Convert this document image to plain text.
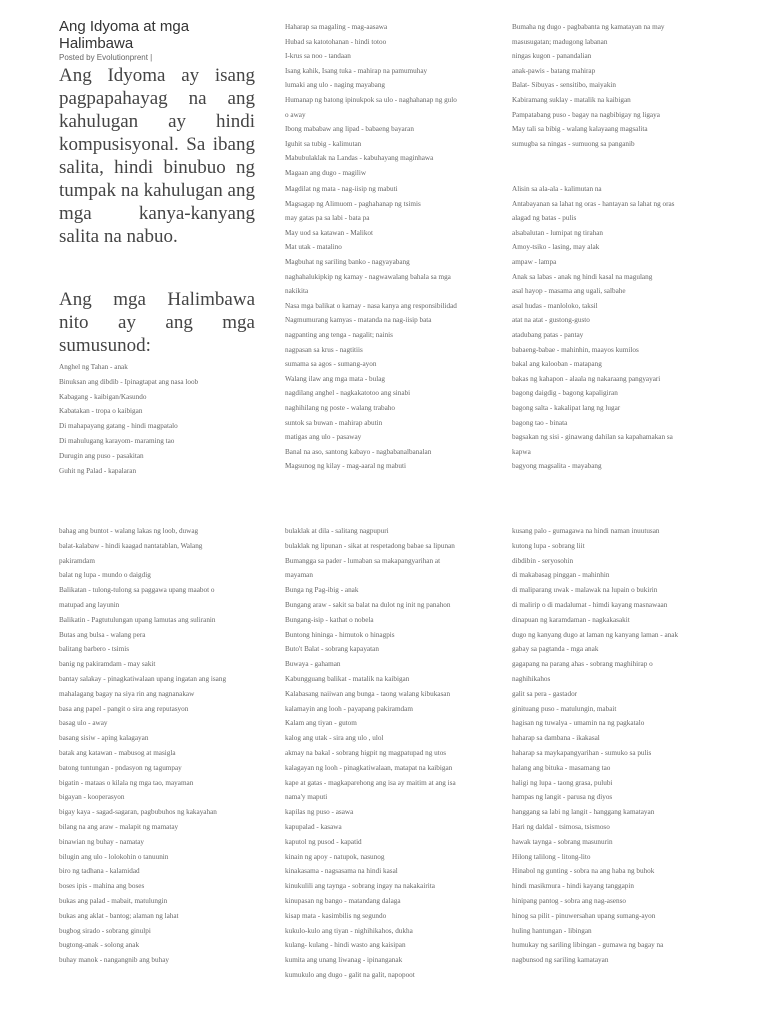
Ang Idyoma at mga
Halimbawa
Posted by Evolutionprent |
Ang Idyoma ay isang pagpapahayag na ang kahulugan ay hindi kompusisyonal. Sa ibang salita, hindi binubuo ng tumpak na kahulugan ang mga kanya-kanyang salita na nabuo.
Ang mga Halimbawa nito ay ang mga sumusunod:
Anghel ng Tahan - anak
Binuksan ang dibdib - Ipinagtapat ang nasa loob
Kabagang - kaibigan/Kasundo
Kabatakan - tropa o kaibigan
Di mahapayang gatang - hindi magpatalo
Di mahulugang karayom- maraming tao
Durugin ang puso - pasakitan
Guhit ng Palad - kapalaran
Haharap sa magaling - mag-aasawa
Hubad sa katotohanan - hindi totoo
I-krus sa noo - tandaan
Isang kahik, Isang tuka - mahirap na pamumuhay
lumaki ang ulo - naging mayabang
Humanap ng batong ipinukpok sa ulo - naghahanap ng gulo
o away
Ibong mababaw ang lipad - babaeng bayaran
Iguhit sa tubig - kalimutan
Mabubulaklak na Landas - kabuhayang maginhawa
Magaan ang dugo - magiliw
Magdilat ng mata - nag-iisip ng mabuti
Magsagap ng Alimuom - paghahanap ng tsimis
may gatas pa sa labi - bata pa
May uod sa katawan - Malikot
Mat utak - matalino
Magbuhat ng sariling banko - nagyayabang
naghahalukipkip ng kamay - nagwawalang bahala sa mga
nakikita
Nasa mga balikat o kamay - nasa kanya ang responsibilidad
Nagmumurang kamyas - matanda na nag-iisip bata
nagpanting ang tenga - nagalit; nainis
nagpasan sa krus - nagtitiis
sumama sa agos - sumang-ayon
Walang ilaw ang mga mata - bulag
nagdilang anghel - nagkakatotoo ang sinabi
naghihilang ng poste - walang trabaho
suntok sa buwan - mahirap abutin
matigas ang ulo - pasaway
Banal na aso, santong kabayo - nagbabanalbanalan
Magsunog ng kilay - mag-aaral ng mabuti
Bumaha ng dugo - pagbabanta ng kamatayan na may
masusugatan; madugong labanan
ningas kugon - panandalian
anak-pawis - batang mahirap
Balat- Sibuyas - sensitibo, maiyakin
Kabiramang suklay - matalik na kaibigan
Pampatabang puso - bagay na nagbibigay ng ligaya
May tali sa bibig - walang kalayaang magsalita
sumugba sa ningas - sumuong sa panganib
Alisin sa ala-ala - kalimutan na
Antabayanan sa lahat ng oras - hantayan sa lahat ng oras
alagad ng batas - pulis
alsabalutan - lumipat ng tirahan
Amoy-tsiko - lasing, may alak
ampaw - lampa
Anak sa labas - anak ng hindi kasal na magulang
asal hayop - masama ang ugali, salbahe
asal hudas - manloloko, taksil
atat na atat - gustong-gusto
atadubang patas - pantay
babaeng-babae - mahinhin, maayos kumilos
bakal ang kalooban - matapang
bakas ng kahapon - alaala ng nakaraang pangyayari
bagong daigdig - bagong kapaligiran
bagong salta - kakalipat lang ng lugar
bagong tao - binata
bagsakan ng sisi - ginawang dahilan sa kapahamakan sa
kapwa
bagyong magsalita - mayabang
bahag ang buntot - walang lakas ng loob, duwag
balat-kalabaw - hindi kaagad nantatablan, Walang
pakiramdam
balat ng lupa - mundo o daigdig
Balikatan - tulong-tulong sa paggawa upang maabot o
matupad ang layunin
Balikatin - Pagtutulungan upang lamutas ang suliranin
Butas ang bulsa - walang pera
balitang barbero - tsimis
banig ng pakiramdam - may sakit
bantay salakay - pinagkatiwalaan upang ingatan ang isang
mahalagang bagay na siya rin ang nagnanakaw
basa ang papel - pangit o sira ang reputasyon
basag ulo - away
basang sisiw - aping kalagayan
batak ang katawan - mabusog at masigla
batong tuntungan - pndasyon ng tagumpay
bigatin - mataas o kilala ng mga tao, mayaman
bigayan - kooperasyon
bigay kaya - sagad-sagaran, pagbubuhos ng kakayahan
bilang na ang araw - malapit ng mamatay
binawian ng buhay - namatay
bilugin ang ulo - lolokohin o tanuunin
biro ng tadhana - kalamidad
boses ipis - mahina ang boses
bukas ang palad - mabait, matulungin
bukas ang aklat - bantog; alaman ng lahat
bugbog sirado - sobrang ginulpi
bugtong-anak - solong anak
buhay manok - nangangnib ang buhay
bulaklak at dila - salitang nagpupuri
bulaklak ng lipunan - sikat at respetadong babae sa lipunan
Bumangga sa pader - lumaban sa makapangyarihan at
mayaman
Bunga ng Pag-ibig - anak
Bungang araw - sakit sa balat na dulot ng init ng panahon
Bungang-isip - kathat o nobela
Buntong hininga - himutok o hinagpis
Buto't Balat - sobrang kapayatan
Buwaya - gahaman
Kabungguang balikat - matalik na kaibigan
Kalabasang naiiwan ang bunga - taong walang kibukasan
kalamayin ang looh - payapang pakiramdam
Kalam ang tiyan - gutom
kalog ang utak - sira ang ulo , ulol
akmay na bakal - sobrang higpit ng magpatupad ng utos
kalagayan ng looh - pinagkatiwalaan, matapat na kaibigan
kape at gatas - magkaparehong ang isa ay maitim at ang isa
nama'y maputi
kapilas ng puso - asawa
kapupalad - kasawa
kaputol ng pusod - kapatid
kinain ng apoy - natupok, nasunog
kinakasama - nagsasama na hindi kasal
kinukulili ang taynga - sobrang ingay na nakakairita
kinupasan ng bango - matandang dalaga
kisap mata - kasimbilis ng segundo
kukulo-kulo ang tiyan - nighihikahos, dukha
kulang- kulang - hindi wasto ang kaisipan
kumita ang unang liwanag - ipinanganak
kumukulo ang dugo - galit na galit, napopoot
kusang palo - gumagawa na hindi naman inuutusan
kutong lupa - sobrang liit
dibdibin - seryosohin
di makabasag pinggan - mahinhin
di maliparang uwak - malawak na lupain o bukirin
di malirip o di madalumat - himdi kayang masnawaan
dinapuan ng karamdaman - nagkakasakit
dugo ng kanyang dugo at laman ng kanyang laman - anak
gabay sa pagtanda - mga anak
gagapang na parang ahas - sobrang maghihirap o
naghihikahos
galit sa pera - gastador
ginituang puso - matulungin, mabait
hagisan ng tuwalya - umamin na ng pagkatalo
haharap sa dambana - ikakasal
haharap sa maykapangyarihan - sumuko sa pulis
halang ang bituka - masamang tao
haligi ng lupa - taong grasa, pulubi
hampas ng langit - parusa ng diyos
hanggang sa labi ng langit - hanggang kamatayan
Hari ng daldal - tsimosa, tsismoso
hawak taynga - sobrang masunurin
Hilong talilong - litong-lito
Hinabol ng gunting - sobra na ang haba ng buhok
hindi masikmura - hindi kayang tanggapin
hinipang pantog - sobra ang nag-asenso
hinog sa pilit - pinuwersahan upang sumang-ayon
huling hantungan - libingan
humukay ng sariling libingan - gumawa ng bagay na
nagbunsod ng sariling kamatayan
